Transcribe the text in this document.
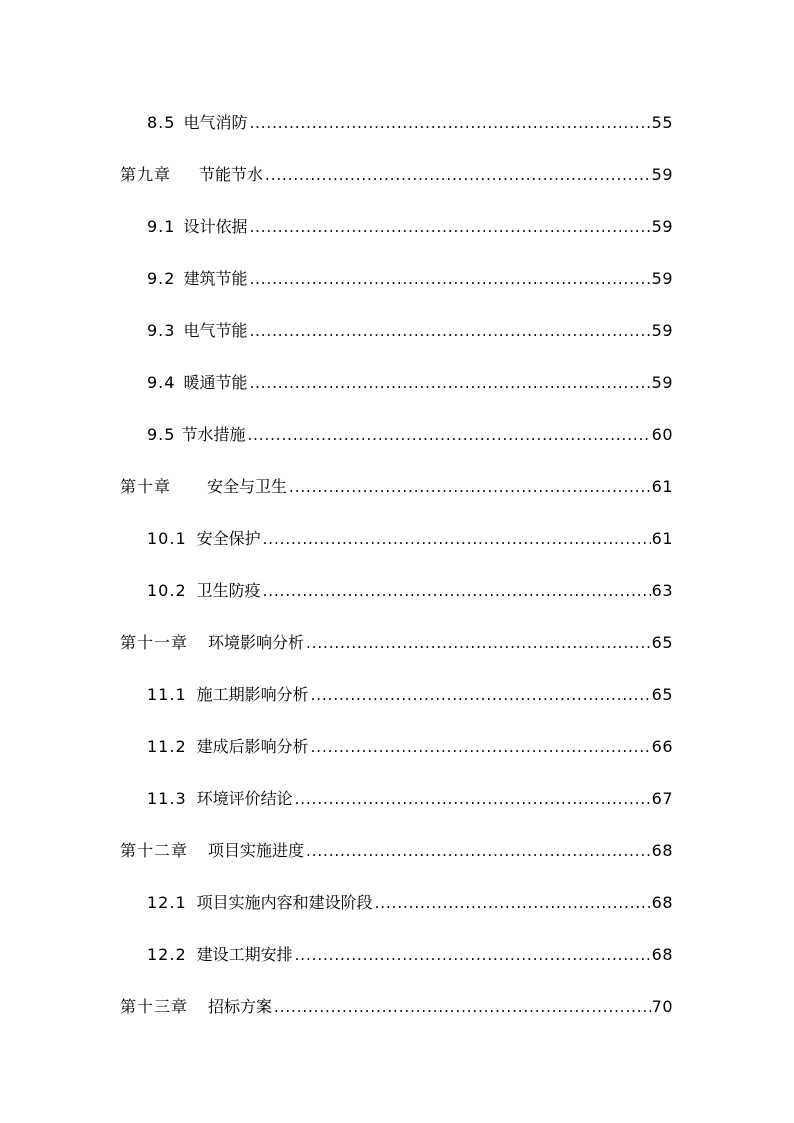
8.5 电气消防 .....	55
第九章 节能节水 .....	59
9.1 设计依据 .....	59
9.2 建筑节能 .....	59
9.3 电气节能 .....	59
9.4 暖通节能 .....	59
9.5 节水措施 .....	60
第十章 安全与卫生 .....	61
10.1 安全保护 .....	61
10.2 卫生防疫 .....	63
第十一章 环境影响分析 .....	65
11.1 施工期影响分析 .....	65
11.2 建成后影响分析 .....	66
11.3 环境评价结论 .....	67
第十二章 项目实施进度 .....	68
12.1 项目实施内容和建设阶段 .....	68
12.2 建设工期安排 .....	68
第十三章 招标方案 .....	70
